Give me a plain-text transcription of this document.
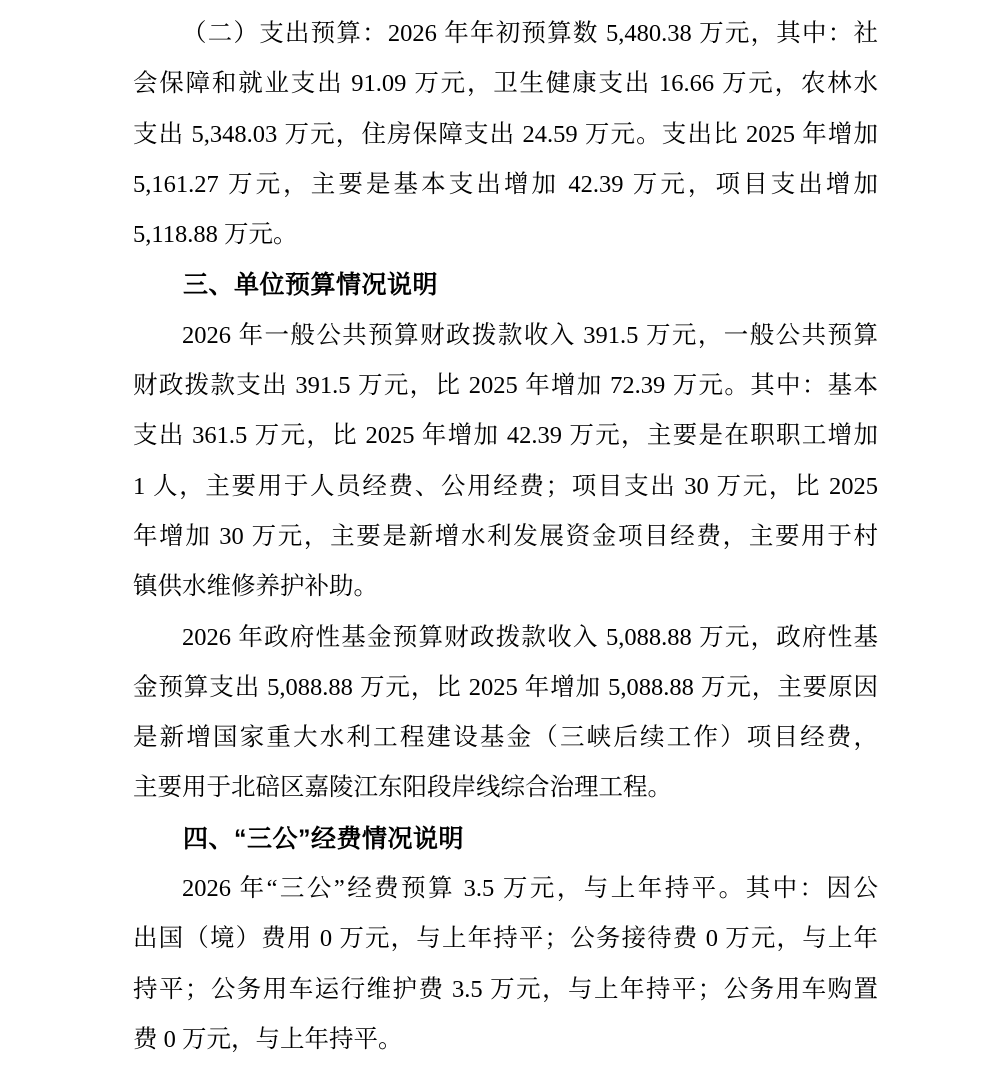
（二）支出预算：2026 年年初预算数 5,480.38 万元，其中：社
会保障和就业支出 91.09 万元，卫生健康支出 16.66 万元，农林水
支出 5,348.03 万元，住房保障支出 24.59 万元。支出比 2025 年增加
5,161.27 万元，主要是基本支出增加 42.39 万元，项目支出增加
5,118.88 万元。
三、单位预算情况说明
2026 年一般公共预算财政拨款收入 391.5 万元，一般公共预算
财政拨款支出 391.5 万元，比 2025 年增加 72.39 万元。其中：基本
支出 361.5 万元，比 2025 年增加 42.39 万元，主要是在职职工增加
1 人，主要用于人员经费、公用经费；项目支出 30 万元，比 2025
年增加 30 万元，主要是新增水利发展资金项目经费，主要用于村
镇供水维修养护补助。
2026 年政府性基金预算财政拨款收入 5,088.88 万元，政府性基
金预算支出 5,088.88 万元，比 2025 年增加 5,088.88 万元，主要原因
是新增国家重大水利工程建设基金（三峡后续工作）项目经费，
主要用于北碚区嘉陵江东阳段岸线综合治理工程。
四、“三公”经费情况说明
2026 年“三公”经费预算 3.5 万元，与上年持平。其中：因公
出国（境）费用 0 万元，与上年持平；公务接待费 0 万元，与上年
持平；公务用车运行维护费 3.5 万元，与上年持平；公务用车购置
费 0 万元，与上年持平。
